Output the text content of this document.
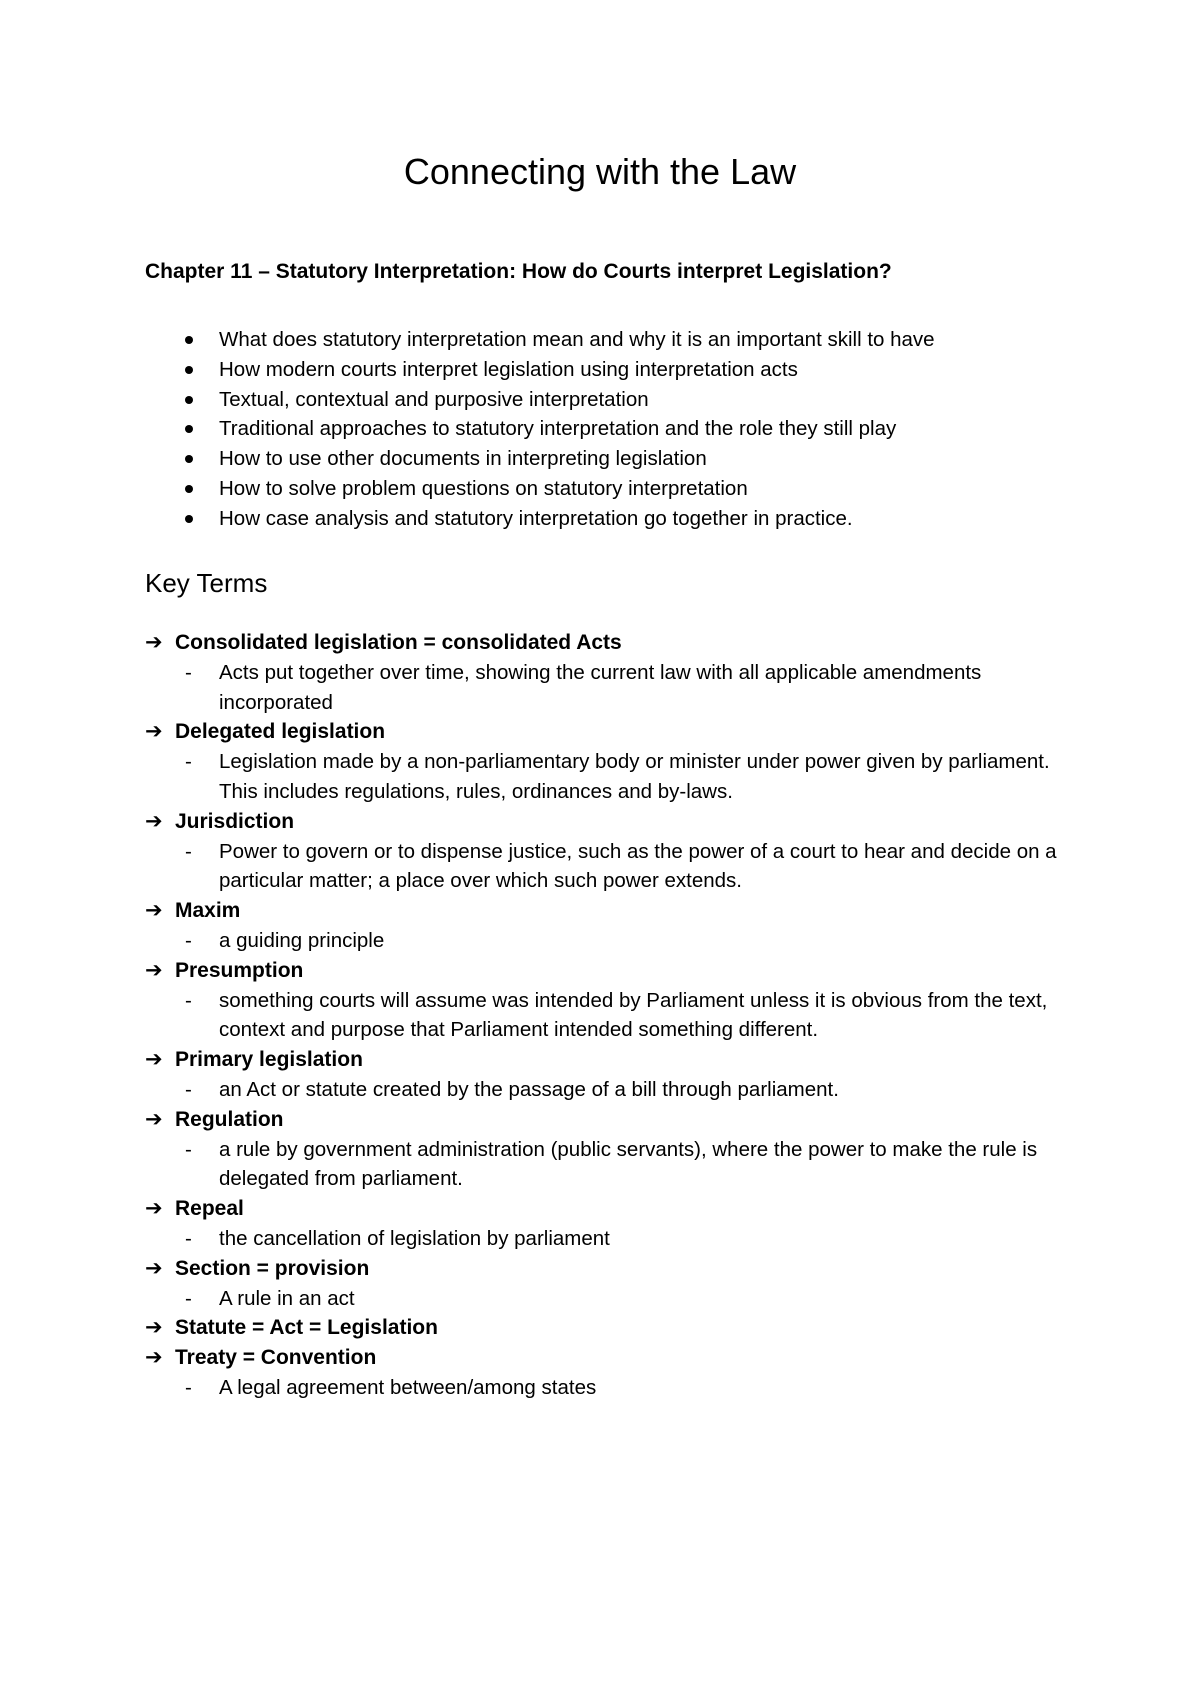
Connecting with the Law
Chapter 11 – Statutory Interpretation: How do Courts interpret Legislation?
What does statutory interpretation mean and why it is an important skill to have
How modern courts interpret legislation using interpretation acts
Textual, contextual and purposive interpretation
Traditional approaches to statutory interpretation and the role they still play
How to use other documents in interpreting legislation
How to solve problem questions on statutory interpretation
How case analysis and statutory interpretation go together in practice.
Key Terms
➔ Consolidated legislation = consolidated Acts
- Acts put together over time, showing the current law with all applicable amendments incorporated
➔ Delegated legislation
- Legislation made by a non-parliamentary body or minister under power given by parliament. This includes regulations, rules, ordinances and by-laws.
➔ Jurisdiction
- Power to govern or to dispense justice, such as the power of a court to hear and decide on a particular matter; a place over which such power extends.
➔ Maxim
- a guiding principle
➔ Presumption
- something courts will assume was intended by Parliament unless it is obvious from the text, context and purpose that Parliament intended something different.
➔ Primary legislation
- an Act or statute created by the passage of a bill through parliament.
➔ Regulation
- a rule by government administration (public servants), where the power to make the rule is delegated from parliament.
➔ Repeal
- the cancellation of legislation by parliament
➔ Section = provision
- A rule in an act
➔ Statute = Act = Legislation
➔ Treaty = Convention
- A legal agreement between/among states
